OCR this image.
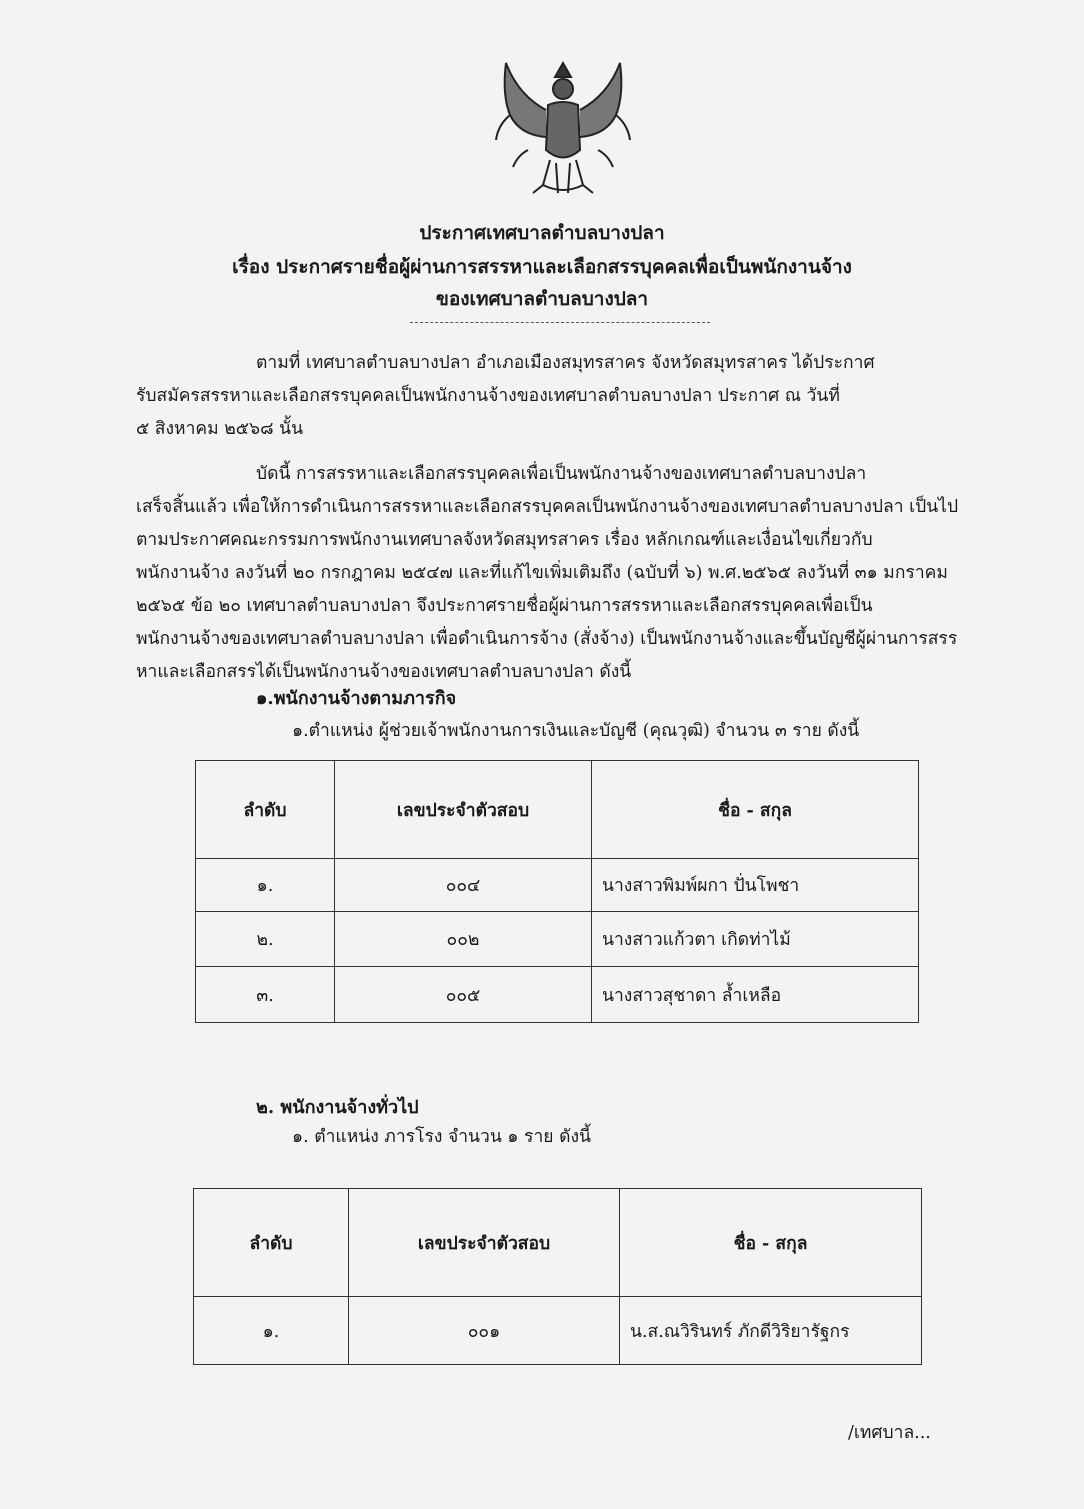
ประกาศเทศบาลตำบลบางปลา
เรื่อง ประกาศรายชื่อผู้ผ่านการสรรหาและเลือกสรรบุคคลเพื่อเป็นพนักงานจ้าง
ของเทศบาลตำบลบางปลา
ตามที่ เทศบาลตำบลบางปลา อำเภอเมืองสมุทรสาคร จังหวัดสมุทรสาคร ได้ประกาศ
รับสมัครสรรหาและเลือกสรรบุคคลเป็นพนักงานจ้างของเทศบาลตำบลบางปลา ประกาศ ณ วันที่
๕ สิงหาคม ๒๕๖๘ นั้น
บัดนี้ การสรรหาและเลือกสรรบุคคลเพื่อเป็นพนักงานจ้างของเทศบาลตำบลบางปลา
เสร็จสิ้นแล้ว เพื่อให้การดำเนินการสรรหาและเลือกสรรบุคคลเป็นพนักงานจ้างของเทศบาลตำบลบางปลา เป็นไป
ตามประกาศคณะกรรมการพนักงานเทศบาลจังหวัดสมุทรสาคร เรื่อง หลักเกณฑ์และเงื่อนไขเกี่ยวกับ
พนักงานจ้าง ลงวันที่ ๒๐ กรกฎาคม ๒๕๔๗ และที่แก้ไขเพิ่มเติมถึง (ฉบับที่ ๖) พ.ศ.๒๕๖๕ ลงวันที่ ๓๑ มกราคม
๒๕๖๕ ข้อ ๒๐ เทศบาลตำบลบางปลา จึงประกาศรายชื่อผู้ผ่านการสรรหาและเลือกสรรบุคคลเพื่อเป็น
พนักงานจ้างของเทศบาลตำบลบางปลา เพื่อดำเนินการจ้าง (สั่งจ้าง) เป็นพนักงานจ้างและขึ้นบัญชีผู้ผ่านการสรร
หาและเลือกสรรได้เป็นพนักงานจ้างของเทศบาลตำบลบางปลา ดังนี้
๑.พนักงานจ้างตามภารกิจ
๑.ตำแหน่ง ผู้ช่วยเจ้าพนักงานการเงินและบัญชี (คุณวุฒิ) จำนวน ๓ ราย ดังนี้
ลำดับ	เลขประจำตัวสอบ	ชื่อ - สกุล
๑.	๐๐๔	นางสาวพิมพ์ผกา ปั่นโพชา
๒.	๐๐๒	นางสาวแก้วตา เกิดท่าไม้
๓.	๐๐๕	นางสาวสุชาดา ล้ำเหลือ
๒. พนักงานจ้างทั่วไป
๑. ตำแหน่ง ภารโรง จำนวน ๑ ราย ดังนี้
ลำดับ	เลขประจำตัวสอบ	ชื่อ - สกุล
๑.	๐๐๑	น.ส.ณวิรินทร์ ภักดีวิริยารัฐกร
/เทศบาล...
